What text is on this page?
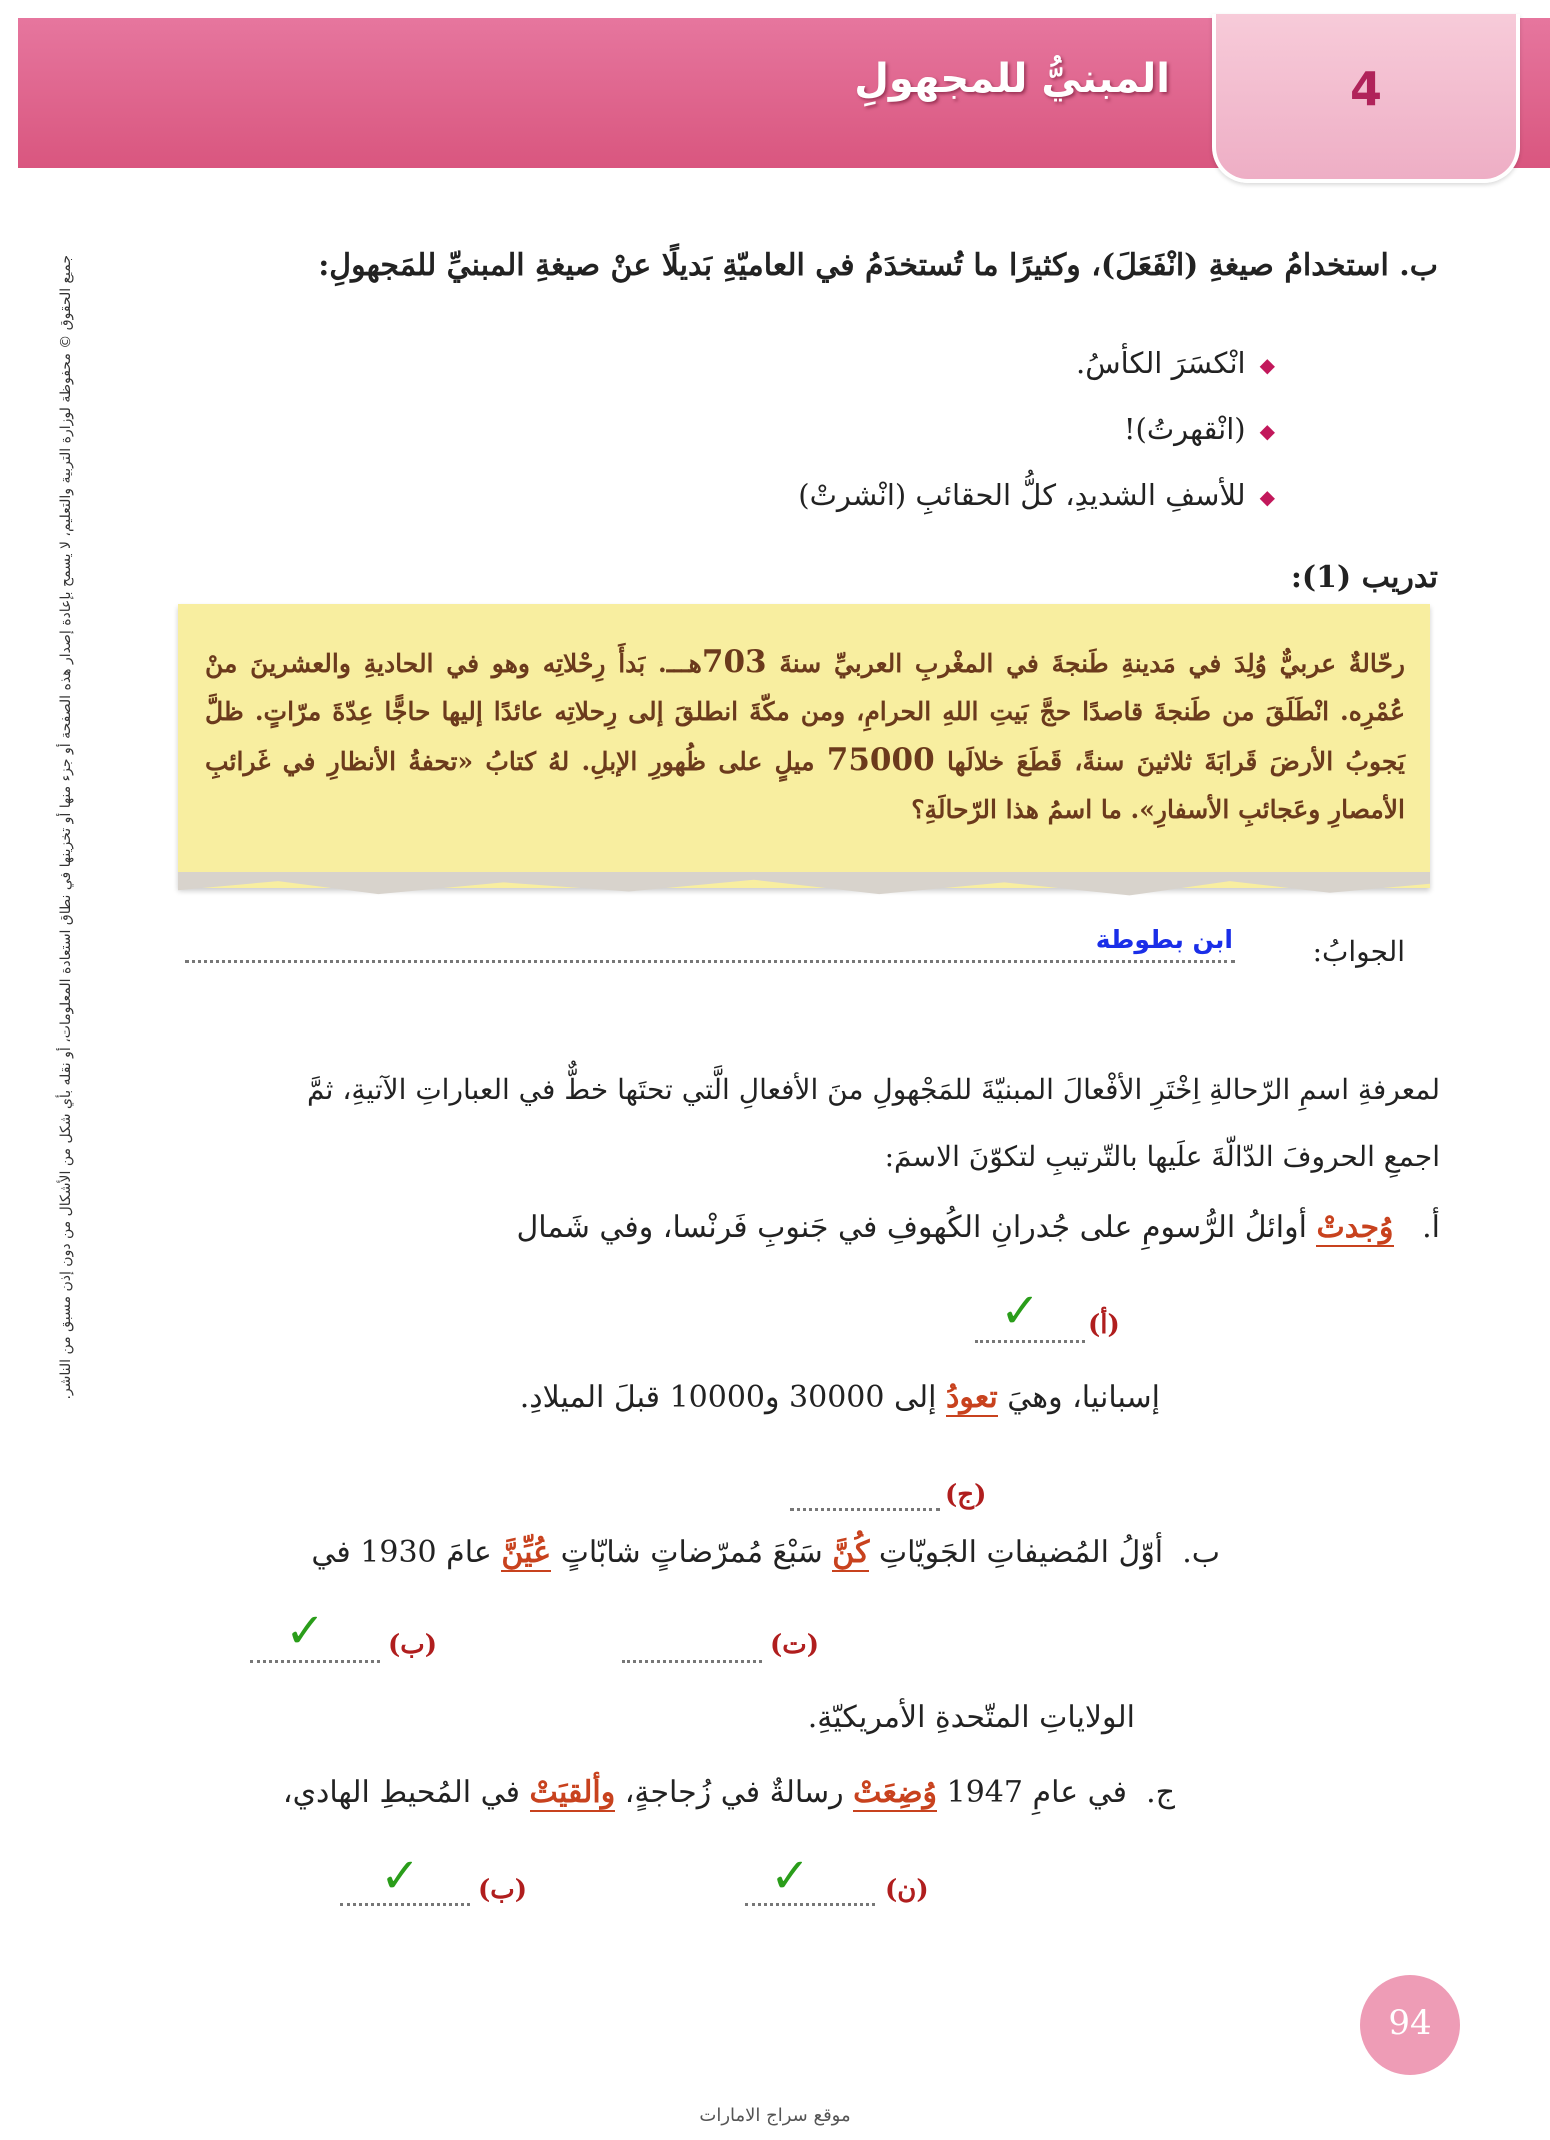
المبنيُّ للمجهولِ	4
جميع الحقوق © محفوظة لوزارة التربية والتعليم، لا يسمح بإعادة إصدار هذه الصفحة أو جزء منها أو تخزينها في نطاق استعادة المعلومات، أو نقله بأي شكل من الأشكال من دون إذن مسبق من الناشر.	ب. استخدامُ صيغةِ (انْفَعَلَ)، وكثيرًا ما تُستخدَمُ في العاميّةِ بَديلًا عنْ صيغةِ المبنيِّ للمَجهولِ:
◆انْكسَرَ الكأسُ.
◆(انْقهرتُ)!
◆للأسفِ الشديدِ، كلُّ الحقائبِ (انْشرتْ)
تدريب (1):
رحّالةٌ عربيٌّ وُلِدَ في مَدينةِ طَنجةَ في المغْربِ العربيِّ سنةَ 703هـــ. بَدأَ رِحْلاتِه وهو في الحاديةِ والعشرينَ منْ عُمْرِه. انْطَلَقَ من طَنجةَ قاصدًا حجَّ بَيتِ اللهِ الحرامِ، ومن مكّةَ انطلقَ إلى رِحلاتِه عائدًا إليها حاجًّا عِدّةَ مرّاتٍ. ظلَّ يَجوبُ الأرضَ قَرابَةَ ثلاثينَ سنةً، قَطَعَ خلالَها 75000 ميلٍ على ظُهورِ الإبلِ. لهُ كتابُ «تحفةُ الأنظارِ في غَرائبِ الأمصارِ وعَجائبِ الأسفارِ». ما اسمُ هذا الرّحالَةِ؟
الجوابُ:
ابن بطوطة
لمعرفةِ اسمِ الرّحالةِ اِخْتَرِ الأفْعالَ المبنيّةَ للمَجْهولِ منَ الأفعالِ الَّتي تحتَها خطٌّ في العباراتِ الآتيةِ، ثمَّ
اجمعِ الحروفَ الدّالّةَ علَيها بالتّرتيبِ لتكوّنَ الاسمَ:
أ.   وُجدتْ أوائلُ الرُّسومِ على جُدرانِ الكُهوفِ في جَنوبِ فَرنْسا، وفي شَمال
(أ)
✓
إسبانيا، وهيَ تعودُ إلى 30000 و10000 قبلَ الميلادِ.
(ج)
ب.  أوّلُ المُضيفاتِ الجَويّاتِ كُنَّ سَبْعَ مُمرّضاتٍ شابّاتٍ عُيِّنَّ عامَ 1930 في
(ت)
(ب)
✓
الولاياتِ المتّحدةِ الأمريكيّةِ.
ج.  في عامِ 1947 وُضِعَتْ رسالةٌ في زُجاجةٍ، وألقيَتْ في المُحيطِ الهادي،
(ن)
✓
(ب)
✓
94
موقع سراج الامارات
